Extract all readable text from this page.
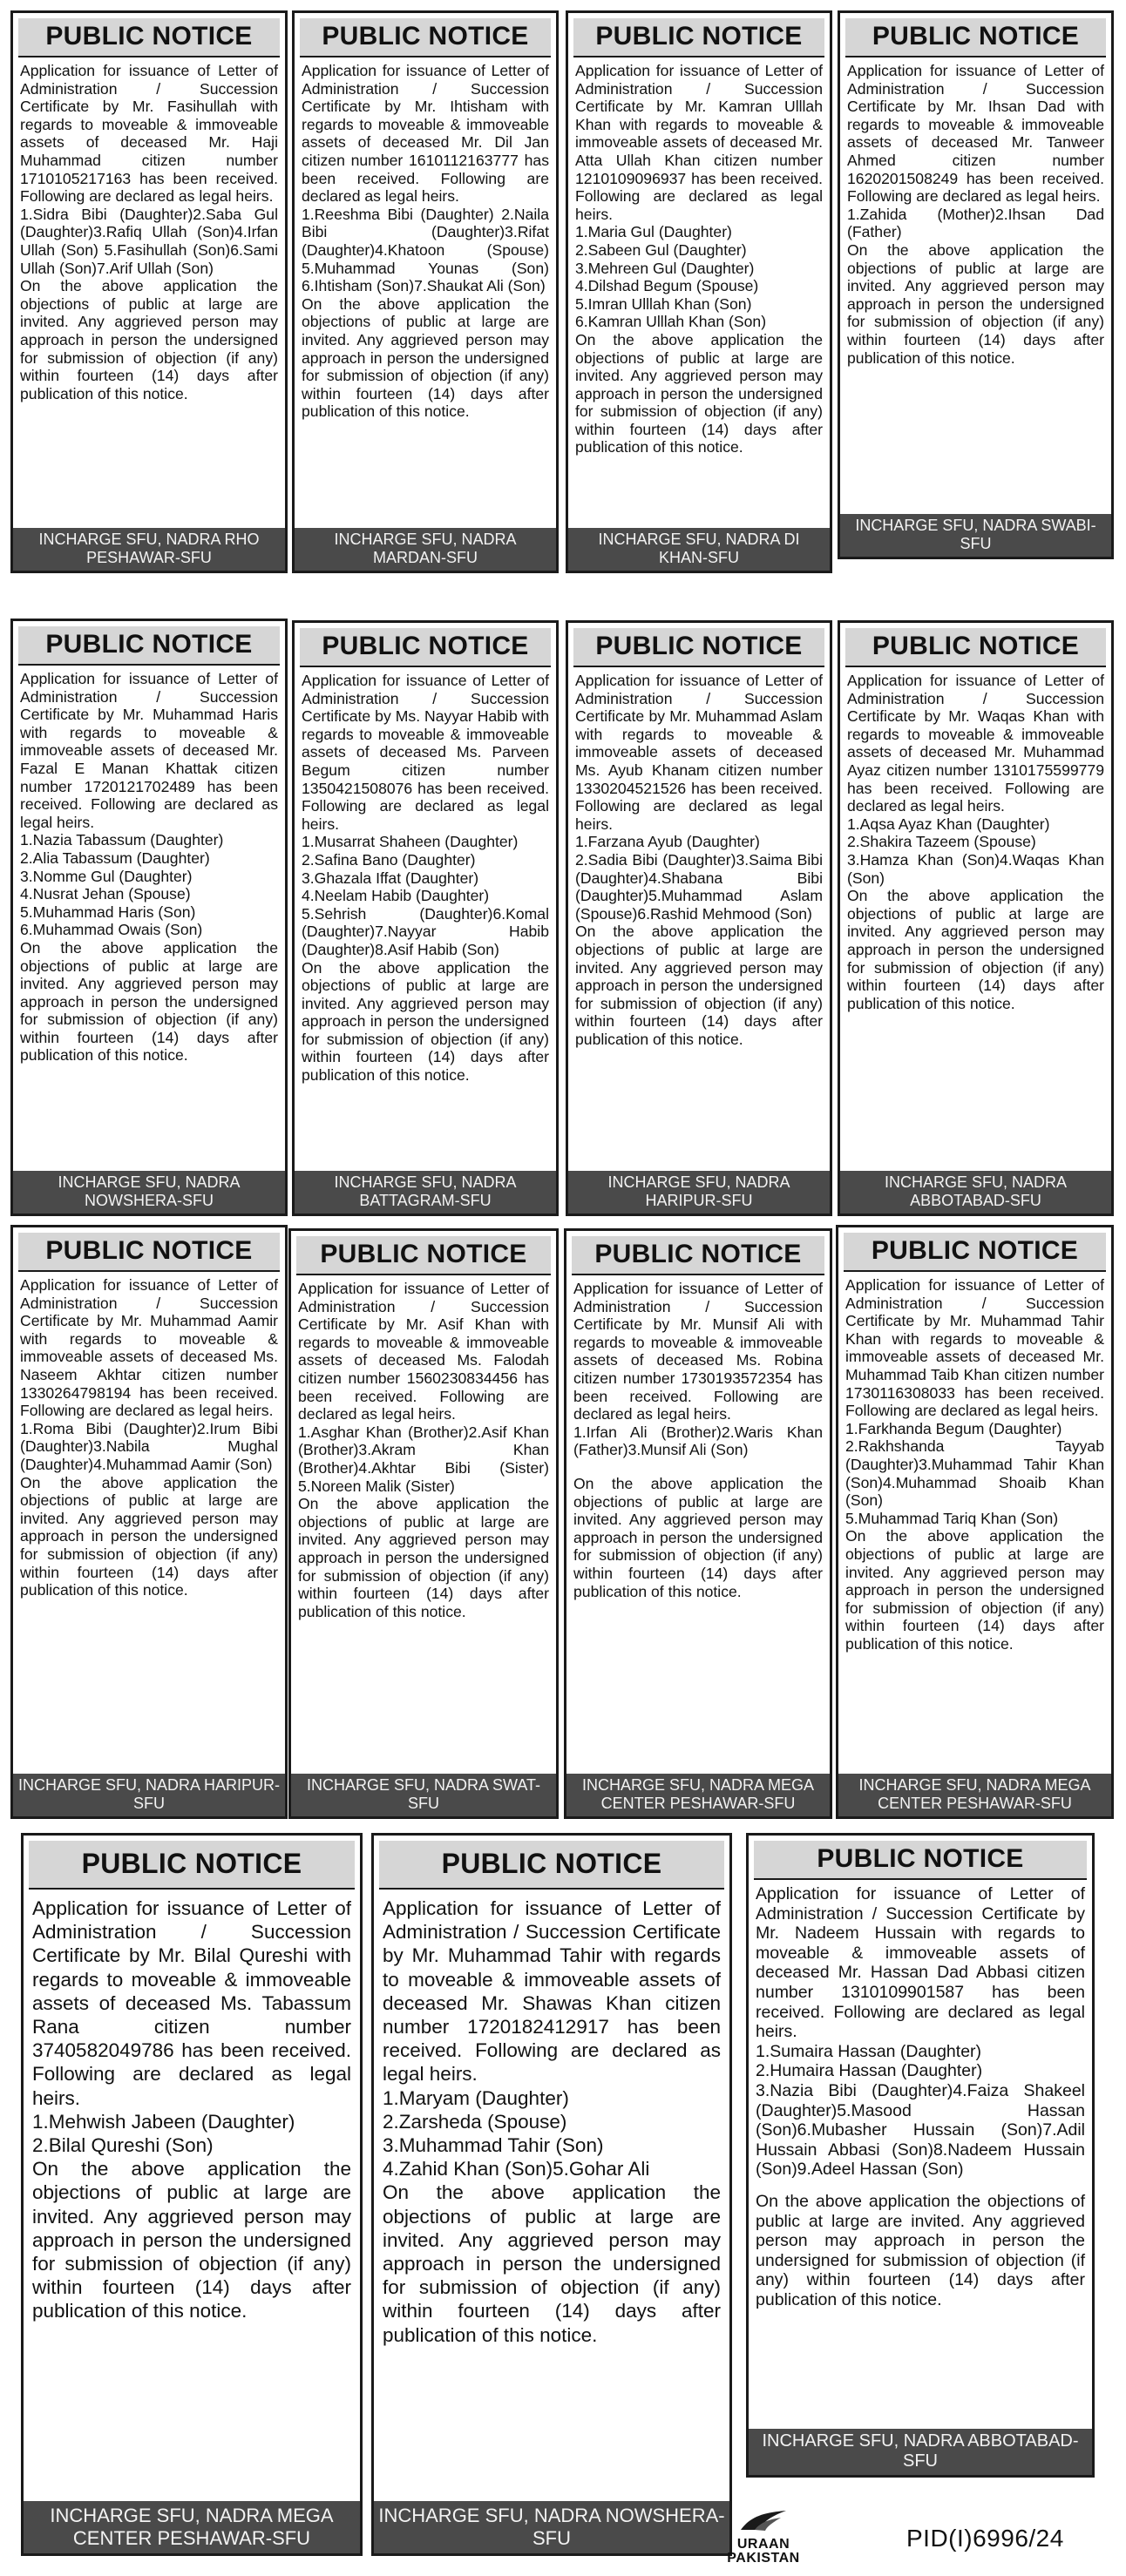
PUBLIC NOTICE

Application for issuance of Letter of Administration / Succession Certificate by Mr. Fasihullah with regards to moveable & immoveable assets of deceased Mr. Haji Muhammad citizen number 1710105217163 has been received. Following are declared as legal heirs.

1.Sidra Bibi (Daughter)2.Saba Gul (Daughter)3.Rafiq Ullah (Son)4.Irfan Ullah (Son) 5.Fasihullah (Son)6.Sami Ullah (Son)7.Arif Ullah (Son)

On the above application the objections of public at large are invited. Any aggrieved person may approach in person the undersigned for submission of objection (if any) within fourteen (14) days after publication of this notice.

INCHARGE SFU, NADRA RHO PESHAWAR-SFU
PUBLIC NOTICE

Application for issuance of Letter of Administration / Succession Certificate by Mr. Ihtisham with regards to moveable & immoveable assets of deceased Mr. Dil Jan citizen number 1610112163777 has been received. Following are declared as legal heirs.

1.Reeshma Bibi (Daughter) 2.Naila Bibi (Daughter)3.Rifat (Daughter)4.Khatoon (Spouse) 5.Muhammad Younas (Son) 6.Ihtisham (Son)7.Shaukat Ali (Son)

On the above application the objections of public at large are invited. Any aggrieved person may approach in person the undersigned for submission of objection (if any) within fourteen (14) days after publication of this notice.

INCHARGE SFU, NADRA MARDAN-SFU
PUBLIC NOTICE

Application for issuance of Letter of Administration / Succession Certificate by Mr. Kamran Ulllah Khan with regards to moveable & immoveable assets of deceased Mr. Atta Ullah Khan citizen number 1210109096937 has been received. Following are declared as legal heirs.

1.Maria Gul (Daughter)
2.Sabeen Gul (Daughter)
3.Mehreen Gul (Daughter)
4.Dilshad Begum (Spouse)
5.Imran Ulllah Khan (Son)
6.Kamran Ulllah Khan (Son)

On the above application the objections of public at large are invited. Any aggrieved person may approach in person the undersigned for submission of objection (if any) within fourteen (14) days after publication of this notice.

INCHARGE SFU, NADRA DI KHAN-SFU
PUBLIC NOTICE

Application for issuance of Letter of Administration / Succession Certificate by Mr. Ihsan Dad with regards to moveable & immoveable assets of deceased Mr. Tanweer Ahmed citizen number 1620201508249 has been received. Following are declared as legal heirs.

1.Zahida (Mother)2.Ihsan Dad (Father)

On the above application the objections of public at large are invited. Any aggrieved person may approach in person the undersigned for submission of objection (if any) within fourteen (14) days after publication of this notice.

INCHARGE SFU, NADRA SWABI-SFU
PUBLIC NOTICE

Application for issuance of Letter of Administration / Succession Certificate by Mr. Muhammad Haris with regards to moveable & immoveable assets of deceased Mr. Fazal E Manan Khattak citizen number 1720121702489 has been received. Following are declared as legal heirs.

1.Nazia Tabassum (Daughter)
2.Alia Tabassum (Daughter)
3.Nomme Gul (Daughter)
4.Nusrat Jehan (Spouse)
5.Muhammad Haris (Son)
6.Muhammad Owais (Son)

On the above application the objections of public at large are invited. Any aggrieved person may approach in person the undersigned for submission of objection (if any) within fourteen (14) days after publication of this notice.

INCHARGE SFU, NADRA NOWSHERA-SFU
PUBLIC NOTICE

Application for issuance of Letter of Administration / Succession Certificate by Ms. Nayyar Habib with regards to moveable & immoveable assets of deceased Ms. Parveen Begum citizen number 1350421508076 has been received. Following are declared as legal heirs.

1.Musarrat Shaheen (Daughter)
2.Safina Bano (Daughter)
3.Ghazala Iffat (Daughter)
4.Neelam Habib (Daughter)
5.Sehrish (Daughter)6.Komal (Daughter)7.Nayyar Habib (Daughter)8.Asif Habib (Son)

On the above application the objections of public at large are invited. Any aggrieved person may approach in person the undersigned for submission of objection (if any) within fourteen (14) days after publication of this notice.

INCHARGE SFU, NADRA BATTAGRAM-SFU
PUBLIC NOTICE

Application for issuance of Letter of Administration / Succession Certificate by Mr. Muhammad Aslam with regards to moveable & immoveable assets of deceased Ms. Ayub Khanam citizen number 1330204521526 has been received. Following are declared as legal heirs.

1.Farzana Ayub (Daughter)
2.Sadia Bibi (Daughter)3.Saima Bibi (Daughter)4.Shabana Bibi (Daughter)5.Muhammad Aslam (Spouse)6.Rashid Mehmood (Son)

On the above application the objections of public at large are invited. Any aggrieved person may approach in person the undersigned for submission of objection (if any) within fourteen (14) days after publication of this notice.

INCHARGE SFU, NADRA HARIPUR-SFU
PUBLIC NOTICE

Application for issuance of Letter of Administration / Succession Certificate by Mr. Waqas Khan with regards to moveable & immoveable assets of deceased Mr. Muhammad Ayaz citizen number 1310175599779 has been received. Following are declared as legal heirs.

1.Aqsa Ayaz Khan (Daughter)
2.Shakira Tazeem (Spouse)
3.Hamza Khan (Son)4.Waqas Khan (Son)

On the above application the objections of public at large are invited. Any aggrieved person may approach in person the undersigned for submission of objection (if any) within fourteen (14) days after publication of this notice.

INCHARGE SFU, NADRA ABBOTABAD-SFU
PUBLIC NOTICE

Application for issuance of Letter of Administration / Succession Certificate by Mr. Muhammad Aamir with regards to moveable & immoveable assets of deceased Ms. Naseem Akhtar citizen number 1330264798194 has been received. Following are declared as legal heirs.

1.Roma Bibi (Daughter)2.Irum Bibi (Daughter)3.Nabila Mughal (Daughter)4.Muhammad Aamir (Son)

On the above application the objections of public at large are invited. Any aggrieved person may approach in person the undersigned for submission of objection (if any) within fourteen (14) days after publication of this notice.

INCHARGE SFU, NADRA HARIPUR-SFU
PUBLIC NOTICE

Application for issuance of Letter of Administration / Succession Certificate by Mr. Asif Khan with regards to moveable & immoveable assets of deceased Ms. Falodah citizen number 1560230834456 has been received. Following are declared as legal heirs.

1.Asghar Khan (Brother)2.Asif Khan (Brother)3.Akram Khan (Brother)4.Akhtar Bibi (Sister) 5.Noreen Malik (Sister)

On the above application the objections of public at large are invited. Any aggrieved person may approach in person the undersigned for submission of objection (if any) within fourteen (14) days after publication of this notice.

INCHARGE SFU, NADRA SWAT-SFU
PUBLIC NOTICE

Application for issuance of Letter of Administration / Succession Certificate by Mr. Munsif Ali with regards to moveable & immoveable assets of deceased Ms. Robina citizen number 1730193572354 has been received. Following are declared as legal heirs.

1.Irfan Ali (Brother)2.Waris Khan (Father)3.Munsif Ali (Son)

On the above application the objections of public at large are invited. Any aggrieved person may approach in person the undersigned for submission of objection (if any) within fourteen (14) days after publication of this notice.

INCHARGE SFU, NADRA MEGA CENTER PESHAWAR-SFU
PUBLIC NOTICE

Application for issuance of Letter of Administration / Succession Certificate by Mr. Muhammad Tahir Khan with regards to moveable & immoveable assets of deceased Mr. Muhammad Taib Khan citizen number 1730116308033 has been received. Following are declared as legal heirs.

1.Farkhanda Begum (Daughter)
2.Rakhshanda Tayyab (Daughter)3.Muhammad Tahir Khan (Son)4.Muhammad Shoaib Khan (Son)
5.Muhammad Tariq Khan (Son)

On the above application the objections of public at large are invited. Any aggrieved person may approach in person the undersigned for submission of objection (if any) within fourteen (14) days after publication of this notice.

INCHARGE SFU, NADRA MEGA CENTER PESHAWAR-SFU
PUBLIC NOTICE

Application for issuance of Letter of Administration / Succession Certificate by Mr. Bilal Qureshi with regards to moveable & immoveable assets of deceased Ms. Tabassum Rana citizen number 3740582049786 has been received. Following are declared as legal heirs.

1.Mehwish Jabeen (Daughter)
2.Bilal Qureshi (Son)

On the above application the objections of public at large are invited. Any aggrieved person may approach in person the undersigned for submission of objection (if any) within fourteen (14) days after publication of this notice.

INCHARGE SFU, NADRA MEGA CENTER PESHAWAR-SFU
PUBLIC NOTICE

Application for issuance of Letter of Administration / Succession Certificate by Mr. Muhammad Tahir with regards to moveable & immoveable assets of deceased Mr. Shawas Khan citizen number 1720182412917 has been received. Following are declared as legal heirs.

1.Maryam (Daughter)
2.Zarsheda (Spouse)
3.Muhammad Tahir (Son)
4.Zahid Khan (Son)5.Gohar Ali

On the above application the objections of public at large are invited. Any aggrieved person may approach in person the undersigned for submission of objection (if any) within fourteen (14) days after publication of this notice.

INCHARGE SFU, NADRA NOWSHERA-SFU
PUBLIC NOTICE

Application for issuance of Letter of Administration / Succession Certificate by Mr. Nadeem Hussain with regards to moveable & immoveable assets of deceased Mr. Hassan Dad Abbasi citizen number 1310109901587 has been received. Following are declared as legal heirs.

1.Sumaira Hassan (Daughter)
2.Humaira Hassan (Daughter)
3.Nazia Bibi (Daughter)4.Faiza Shakeel (Daughter)5.Masood Hassan (Son)6.Mubasher Hussain (Son)7.Adil Hussain Abbasi (Son)8.Nadeem Hussain (Son)9.Adeel Hassan (Son)

On the above application the objections of public at large are invited. Any aggrieved person may approach in person the undersigned for submission of objection (if any) within fourteen (14) days after publication of this notice.

INCHARGE SFU, NADRA ABBOTABAD-SFU
URAAN PAKISTAN
PID(I)6996/24
